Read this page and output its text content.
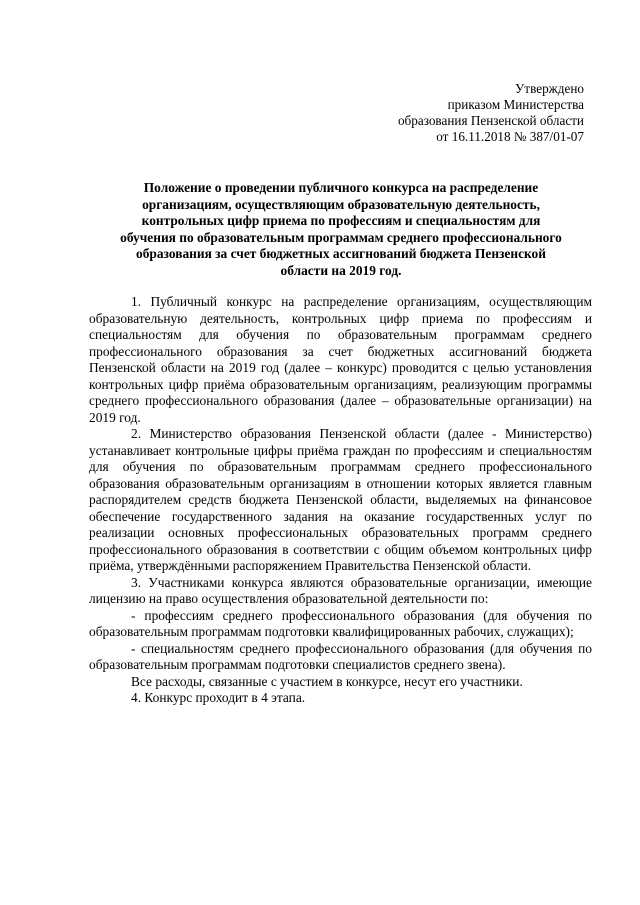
Утверждено
приказом Министерства
образования Пензенской области
от 16.11.2018 № 387/01-07
Положение о проведении публичного конкурса на распределение
организациям, осуществляющим образовательную деятельность,
контрольных цифр приема по профессиям и специальностям для
обучения по образовательным программам среднего профессионального
образования за счет бюджетных ассигнований бюджета Пензенской
области на 2019 год.

1. Публичный конкурс на распределение организациям, осуществляющим образовательную деятельность, контрольных цифр приема по профессиям и специальностям для обучения по образовательным программам среднего профессионального образования за счет бюджетных ассигнований бюджета Пензенской области на 2019 год (далее – конкурс) проводится с целью установления контрольных цифр приёма образовательным организациям, реализующим программы среднего профессионального образования (далее – образовательные организации) на 2019 год.

2. Министерство образования Пензенской области (далее - Министерство) устанавливает контрольные цифры приёма граждан по профессиям и специальностям для обучения по образовательным программам среднего профессионального образования образовательным организациям в отношении которых является главным распорядителем средств бюджета Пензенской области, выделяемых на финансовое обеспечение государственного задания на оказание государственных услуг по реализации основных профессиональных образовательных программ среднего профессионального образования в соответствии с общим объемом контрольных цифр приёма, утверждёнными распоряжением Правительства Пензенской области.

3. Участниками конкурса являются образовательные организации, имеющие лицензию на право осуществления образовательной деятельности по:

- профессиям среднего профессионального образования (для обучения по образовательным программам подготовки квалифицированных рабочих, служащих);

- специальностям среднего профессионального образования (для обучения по образовательным программам подготовки специалистов среднего звена).

Все расходы, связанные с участием в конкурсе, несут его участники.

4. Конкурс проходит в 4 этапа.
